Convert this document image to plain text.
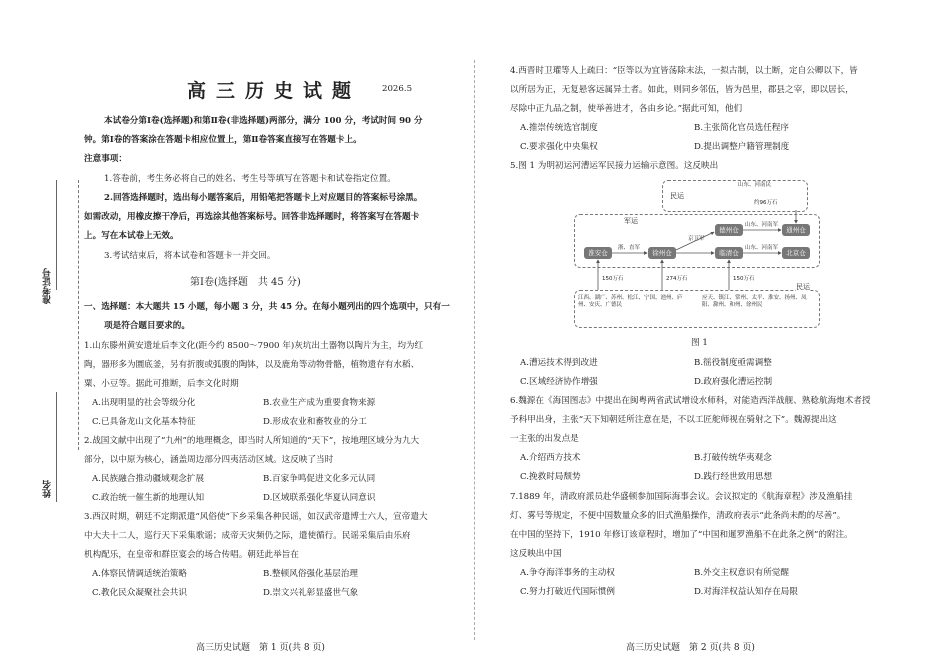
准考证号
姓名
高三历史试题 2026.5
本试卷分第Ⅰ卷(选择题)和第Ⅱ卷(非选择题)两部分，满分 100 分，考试时间 90 分
钟。第Ⅰ卷的答案涂在答题卡相应位置上，第Ⅱ卷答案直接写在答题卡上。
注意事项：
1.答卷前，考生务必将自己的姓名、考生号等填写在答题卡和试卷指定位置。
2.回答选择题时，选出每小题答案后，用铅笔把答题卡上对应题目的答案标号涂黑。
如需改动，用橡皮擦干净后，再选涂其他答案标号。回答非选择题时，将答案写在答题卡
上。写在本试卷上无效。
3.考试结束后，将本试卷和答题卡一并交回。
第Ⅰ卷(选择题　共 45 分)
一、选择题：本大题共 15 小题，每小题 3 分，共 45 分。在每小题列出的四个选项中，只有一
项是符合题目要求的。
1.山东滕州黄安遗址后李文化(距今约 8500～7900 年)灰坑出土器物以陶片为主，均为红
陶，器形多为圜底釜，另有折腹或弧腹的陶钵，以及鹿角等动物骨骼，植物遗存有水稻、
粟、小豆等。据此可推断，后李文化时期
A.出现明显的社会等级分化	B.农业生产成为重要食物来源
C.已具备龙山文化基本特征	D.形成农业和畜牧业的分工
2.战国文献中出现了“九州”的地理概念，即当时人所知道的“天下”，按地理区域分为九大
部分，以中原为核心，涵盖周边部分四夷活动区域。这反映了当时
A.民族融合推动疆域观念扩展	B.百家争鸣促进文化多元认同
C.政治统一催生新的地理认知	D.区域联系强化华夏认同意识
3.西汉时期，朝廷不定期派遣“风俗使”下乡采集各种民谣，如汉武帝遣博士六人，宣帝遣大
中大夫十二人，巡行天下采集歌谣；成帝天灾频仍之际，遣使循行。民谣采集后由乐府
机构配乐，在皇帝和群臣宴会的场合传唱。朝廷此举旨在
A.体察民情调适统治策略	B.整顿风俗强化基层治理
C.教化民众凝聚社会共识	D.崇文兴礼彰显盛世气象
高三历史试题　第 1 页(共 8 页)
4.西晋时卫瓘等人上疏曰：“臣等以为宜皆荡除末法，一拟古制，以土断，定自公卿以下，皆
以所居为正，无复悬客远属异土者。如此，则同乡邻伍，皆为邑里，郡县之宰，即以居长，
尽除中正九品之制，使举善进才，各由乡论。”据此可知，他们
A.推崇传统选官制度	B.主张简化官员选任程序
C.要求强化中央集权	D.提出调整户籍管理制度
5.图 1 为明初运河漕运军民接力运输示意图。这反映出
民运
山东、河南民
约96万石
军运
淮安仓	徐州仓
德州仓
临清仓
通州仓
北京仓
浙、直军
京卫军
山东、河南军
山东、河南军
150万石	274万石	150万石
民运
江西、湖广、苏州、松江、宁国、池州、庐州、安庆、广德民
应天、镇江、常州、太平、淮安、扬州、凤阳、滁州、和州、徐州民
图 1
A.漕运技术得到改进	B.徭役制度亟需调整
C.区域经济协作增强	D.政府强化漕运控制
6.魏源在《海国图志》中提出在闽粤两省武试增设水师科，对能造西洋战舰、熟稔航海炮术者授
予科甲出身，主张“天下知朝廷所注意在是，不以工匠舵师视在骑射之下”。魏源提出这
一主张的出发点是
A.介绍西方技术	B.打破传统华夷观念
C.挽救时局颓势	D.践行经世致用思想
7.1889 年，清政府派员赴华盛顿参加国际海事会议。会议拟定的《航海章程》涉及渔船挂
灯、雾号等规定，不便中国数量众多的旧式渔船操作，清政府表示“此条尚未酌的尽善”。
在中国的坚持下，1910 年修订该章程时，增加了“中国和暹罗渔船不在此条之例”的附注。
这反映出中国
A.争夺海洋事务的主动权	B.外交主权意识有所觉醒
C.努力打破近代国际惯例	D.对海洋权益认知存在局限
高三历史试题　第 2 页(共 8 页)
